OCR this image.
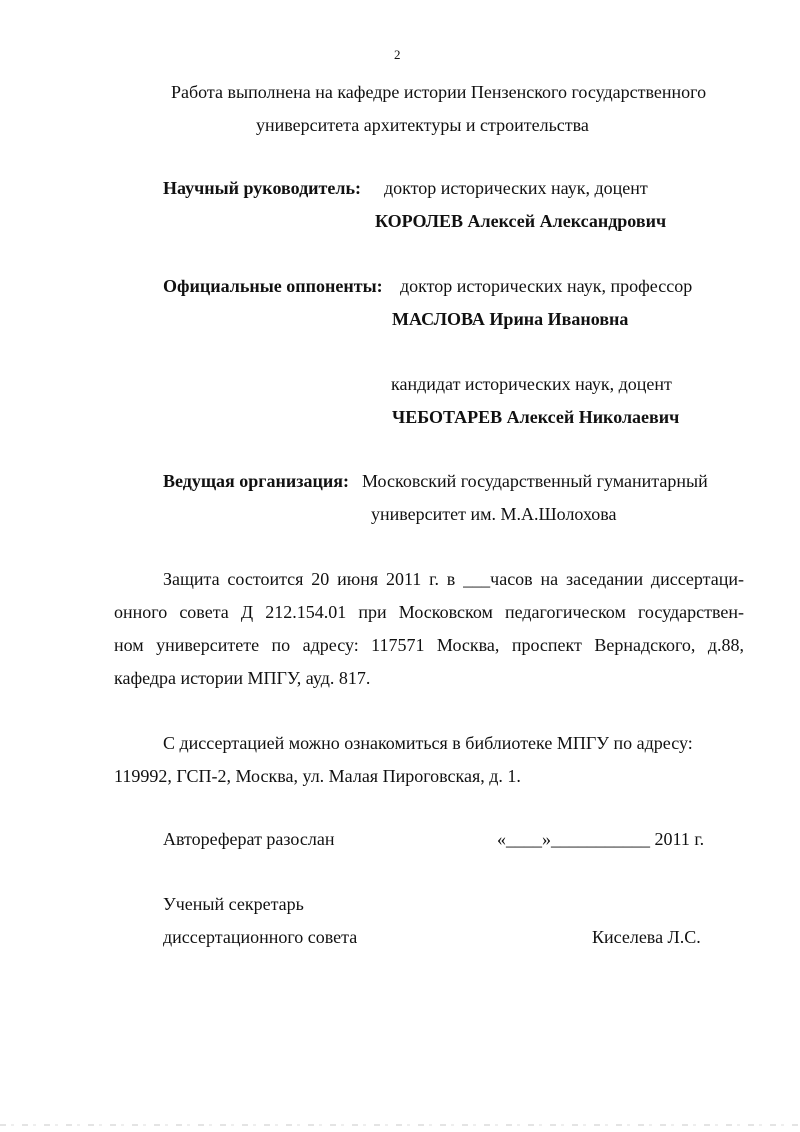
2
Работа выполнена на кафедре истории Пензенского государственного
университета архитектуры и строительства
Научный руководитель: доктор исторических наук, доцент
КОРОЛЕВ Алексей Александрович
Официальные оппоненты: доктор исторических наук, профессор
МАСЛОВА Ирина Ивановна
кандидат исторических наук, доцент
ЧЕБОТАРЕВ Алексей Николаевич
Ведущая организация: Московский государственный гуманитарный
университет им. М.А.Шолохова
Защита состоится 20 июня 2011 г. в ___часов на заседании диссертаци-
онного совета Д 212.154.01 при Московском педагогическом государствен-
ном университете по адресу: 117571 Москва, проспект Вернадского, д.88,
кафедра истории МПГУ, ауд. 817.
С диссертацией можно ознакомиться в библиотеке МПГУ по адресу:
119992, ГСП-2, Москва, ул. Малая Пироговская, д. 1.
Автореферат разослан	«____»___________ 2011 г.
Ученый секретарь
диссертационного совета	Киселева Л.С.
